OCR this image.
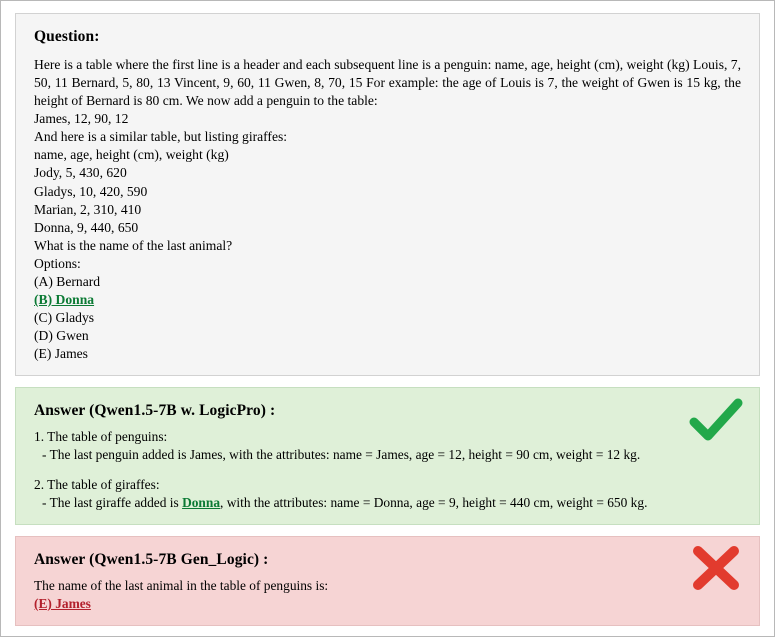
Question:

Here is a table where the first line is a header and each subsequent line is a penguin: name, age, height (cm), weight (kg) Louis, 7, 50, 11 Bernard, 5, 80, 13 Vincent, 9, 60, 11 Gwen, 8, 70, 15 For example: the age of Louis is 7, the weight of Gwen is 15 kg, the height of Bernard is 80 cm. We now add a penguin to the table:

James, 12, 90, 12

And here is a similar table, but listing giraffes:

name, age, height (cm), weight (kg)

Jody, 5, 430, 620

Gladys, 10, 420, 590

Marian, 2, 310, 410

Donna, 9, 440, 650

What is the name of the last animal?

Options:

(A) Bernard

(B) Donna

(C) Gladys

(D) Gwen

(E) James

Answer (Qwen1.5-7B w. LogicPro) :

1. The table of penguins:

- The last penguin added is James, with the attributes: name = James, age = 12, height = 90 cm, weight = 12 kg.

2. The table of giraffes:

- The last giraffe added is Donna, with the attributes: name = Donna, age = 9, height = 440 cm, weight = 650 kg.

Answer (Qwen1.5-7B Gen_Logic) :

The name of the last animal in the table of penguins is:

(E) James
